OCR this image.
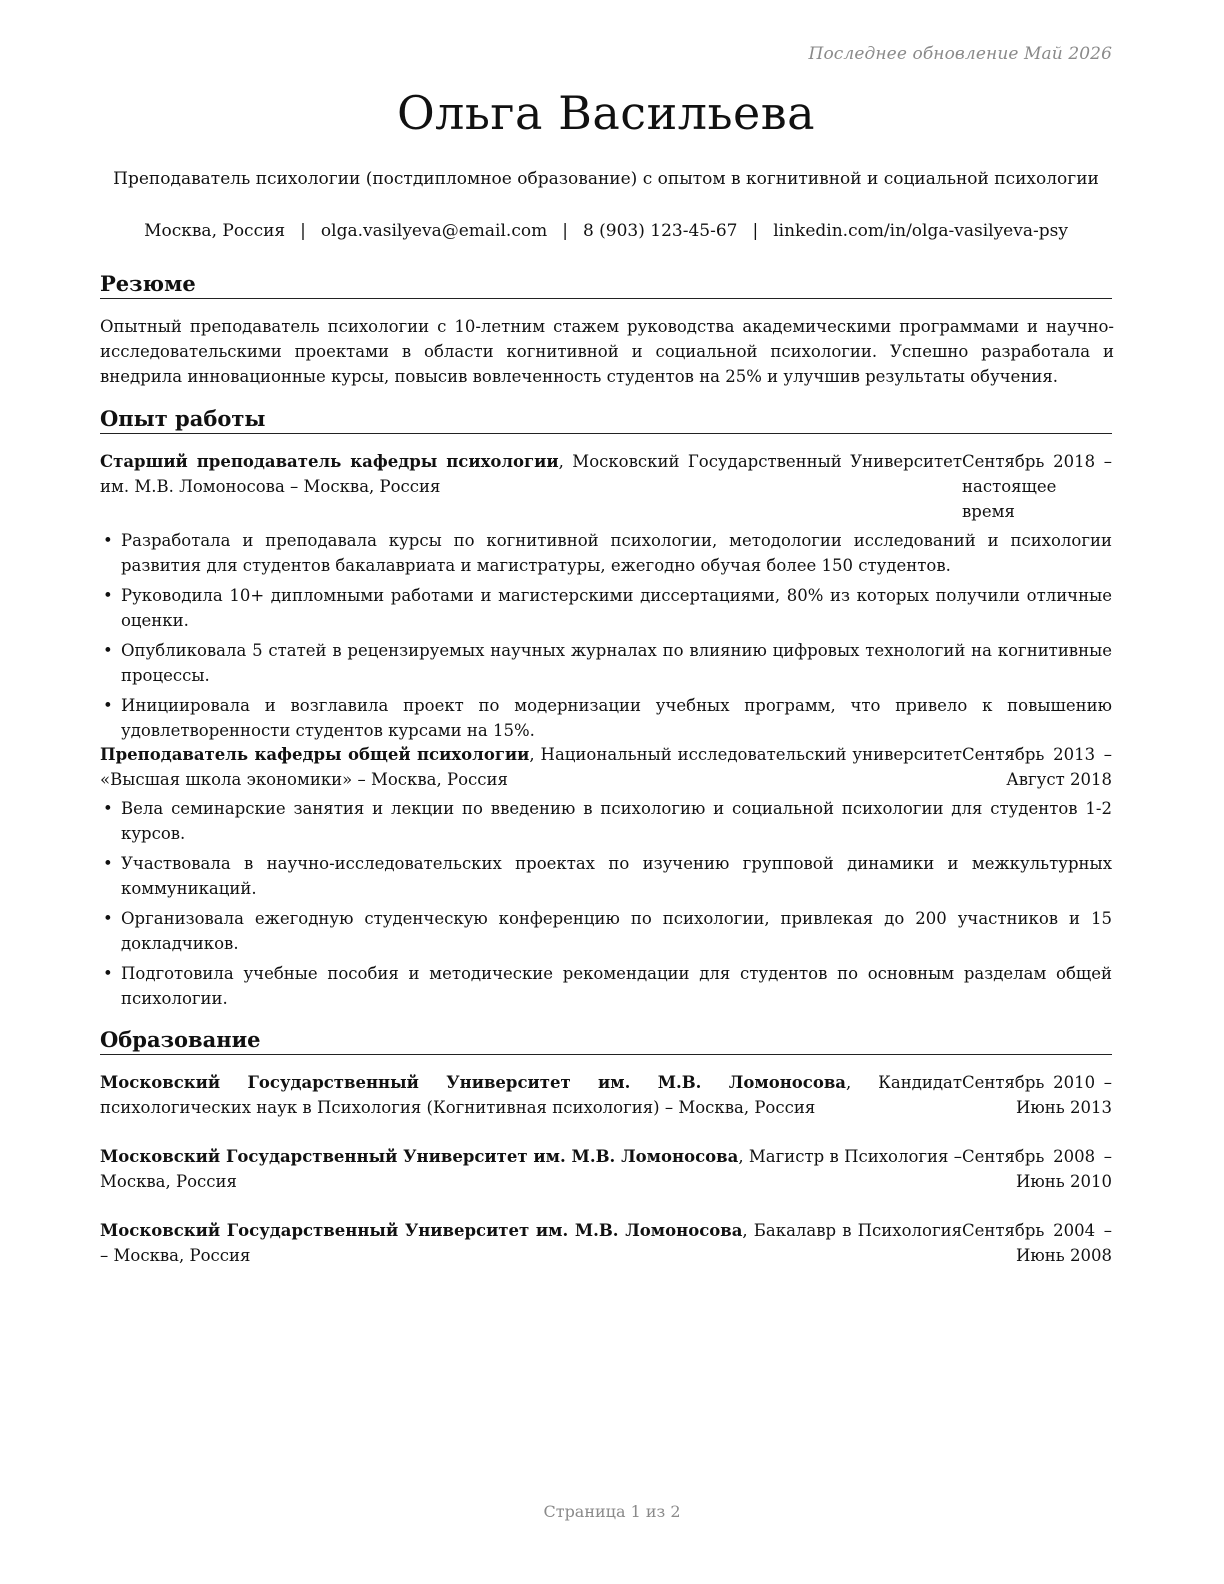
Последнее обновление Май 2026
Ольга Васильева
Преподаватель психологии (постдипломное образование) с опытом в когнитивной и социальной психологии
Москва, Россия | olga.vasilyeva@email.com | 8 (903) 123-45-67 | linkedin.com/in/olga-vasilyeva-psy
Резюме
Опытный преподаватель психологии с 10-летним стажем руководства академическими программами и научно-исследовательскими проектами в области когнитивной и социальной психологии. Успешно разработала и внедрила инновационные курсы, повысив вовлеченность студентов на 25% и улучшив результаты обучения.
Опыт работы
Старший преподаватель кафедры психологии, Московский Государственный Университет им. М.В. Ломоносова – Москва, Россия
Сентябрь 2018 – настоящее время
• Разработала и преподавала курсы по когнитивной психологии, методологии исследований и психологии развития для студентов бакалавриата и магистратуры, ежегодно обучая более 150 студентов.
• Руководила 10+ дипломными работами и магистерскими диссертациями, 80% из которых получили отличные оценки.
• Опубликовала 5 статей в рецензируемых научных журналах по влиянию цифровых технологий на когнитивные процессы.
• Инициировала и возглавила проект по модернизации учебных программ, что привело к повышению удовлетворенности студентов курсами на 15%.
Преподаватель кафедры общей психологии, Национальный исследовательский университет «Высшая школа экономики» – Москва, Россия
Сентябрь 2013 – Август 2018
• Вела семинарские занятия и лекции по введению в психологию и социальной психологии для студентов 1-2 курсов.
• Участвовала в научно-исследовательских проектах по изучению групповой динамики и межкультурных коммуникаций.
• Организовала ежегодную студенческую конференцию по психологии, привлекая до 200 участников и 15 докладчиков.
• Подготовила учебные пособия и методические рекомендации для студентов по основным разделам общей психологии.
Образование
Московский Государственный Университет им. М.В. Ломоносова, Кандидат психологических наук в Психология (Когнитивная психология) – Москва, Россия
Сентябрь 2010 – Июнь 2013
Московский Государственный Университет им. М.В. Ломоносова, Магистр в Психология – Москва, Россия
Сентябрь 2008 – Июнь 2010
Московский Государственный Университет им. М.В. Ломоносова, Бакалавр в Психология – Москва, Россия
Сентябрь 2004 – Июнь 2008
Страница 1 из 2
